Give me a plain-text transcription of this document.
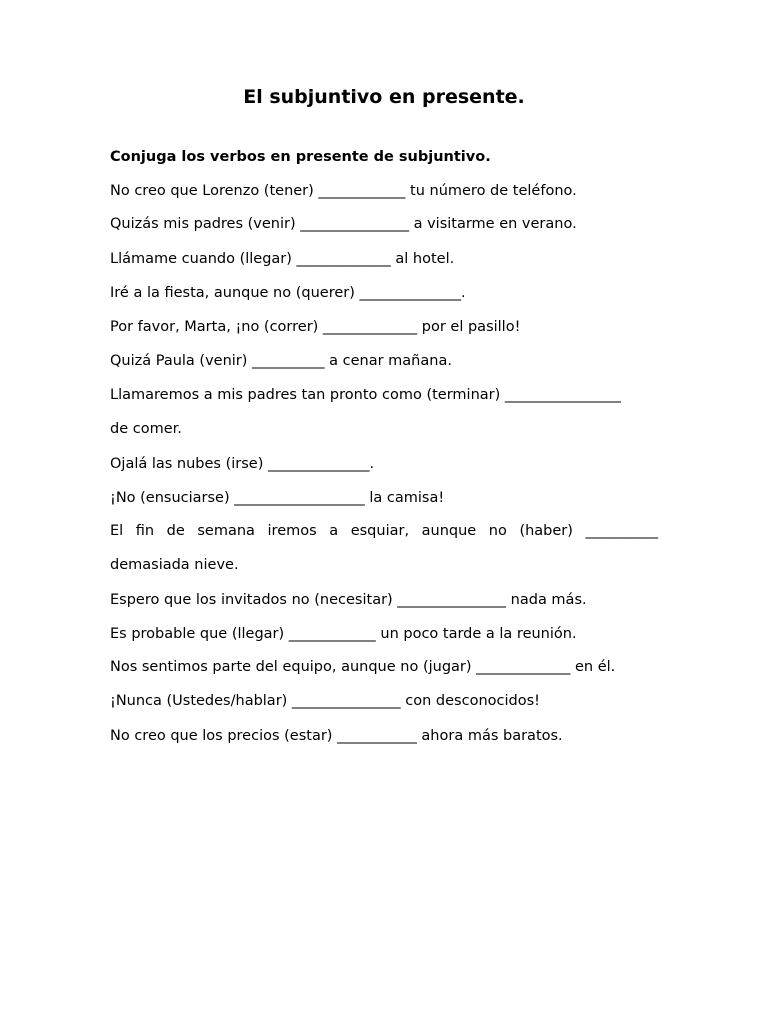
El subjuntivo en presente.
Conjuga los verbos en presente de subjuntivo.
No creo que Lorenzo (tener) ____________ tu número de teléfono.
Quizás mis padres (venir) _______________ a visitarme en verano.
Llámame cuando (llegar) _____________ al hotel.
Iré a la fiesta, aunque no (querer) ______________.
Por favor, Marta, ¡no (correr) _____________ por el pasillo!
Quizá Paula (venir) __________ a cenar mañana.
Llamaremos a mis padres tan pronto como (terminar) ________________
de comer.
Ojalá las nubes (irse) ______________.
¡No (ensuciarse) __________________ la camisa!
El fin de semana iremos a esquiar, aunque no (haber) __________
demasiada nieve.
Espero que los invitados no (necesitar) _______________ nada más.
Es probable que (llegar) ____________ un poco tarde a la reunión.
Nos sentimos parte del equipo, aunque no (jugar) _____________ en él.
¡Nunca (Ustedes/hablar) _______________ con desconocidos!
No creo que los precios (estar) ___________ ahora más baratos.
